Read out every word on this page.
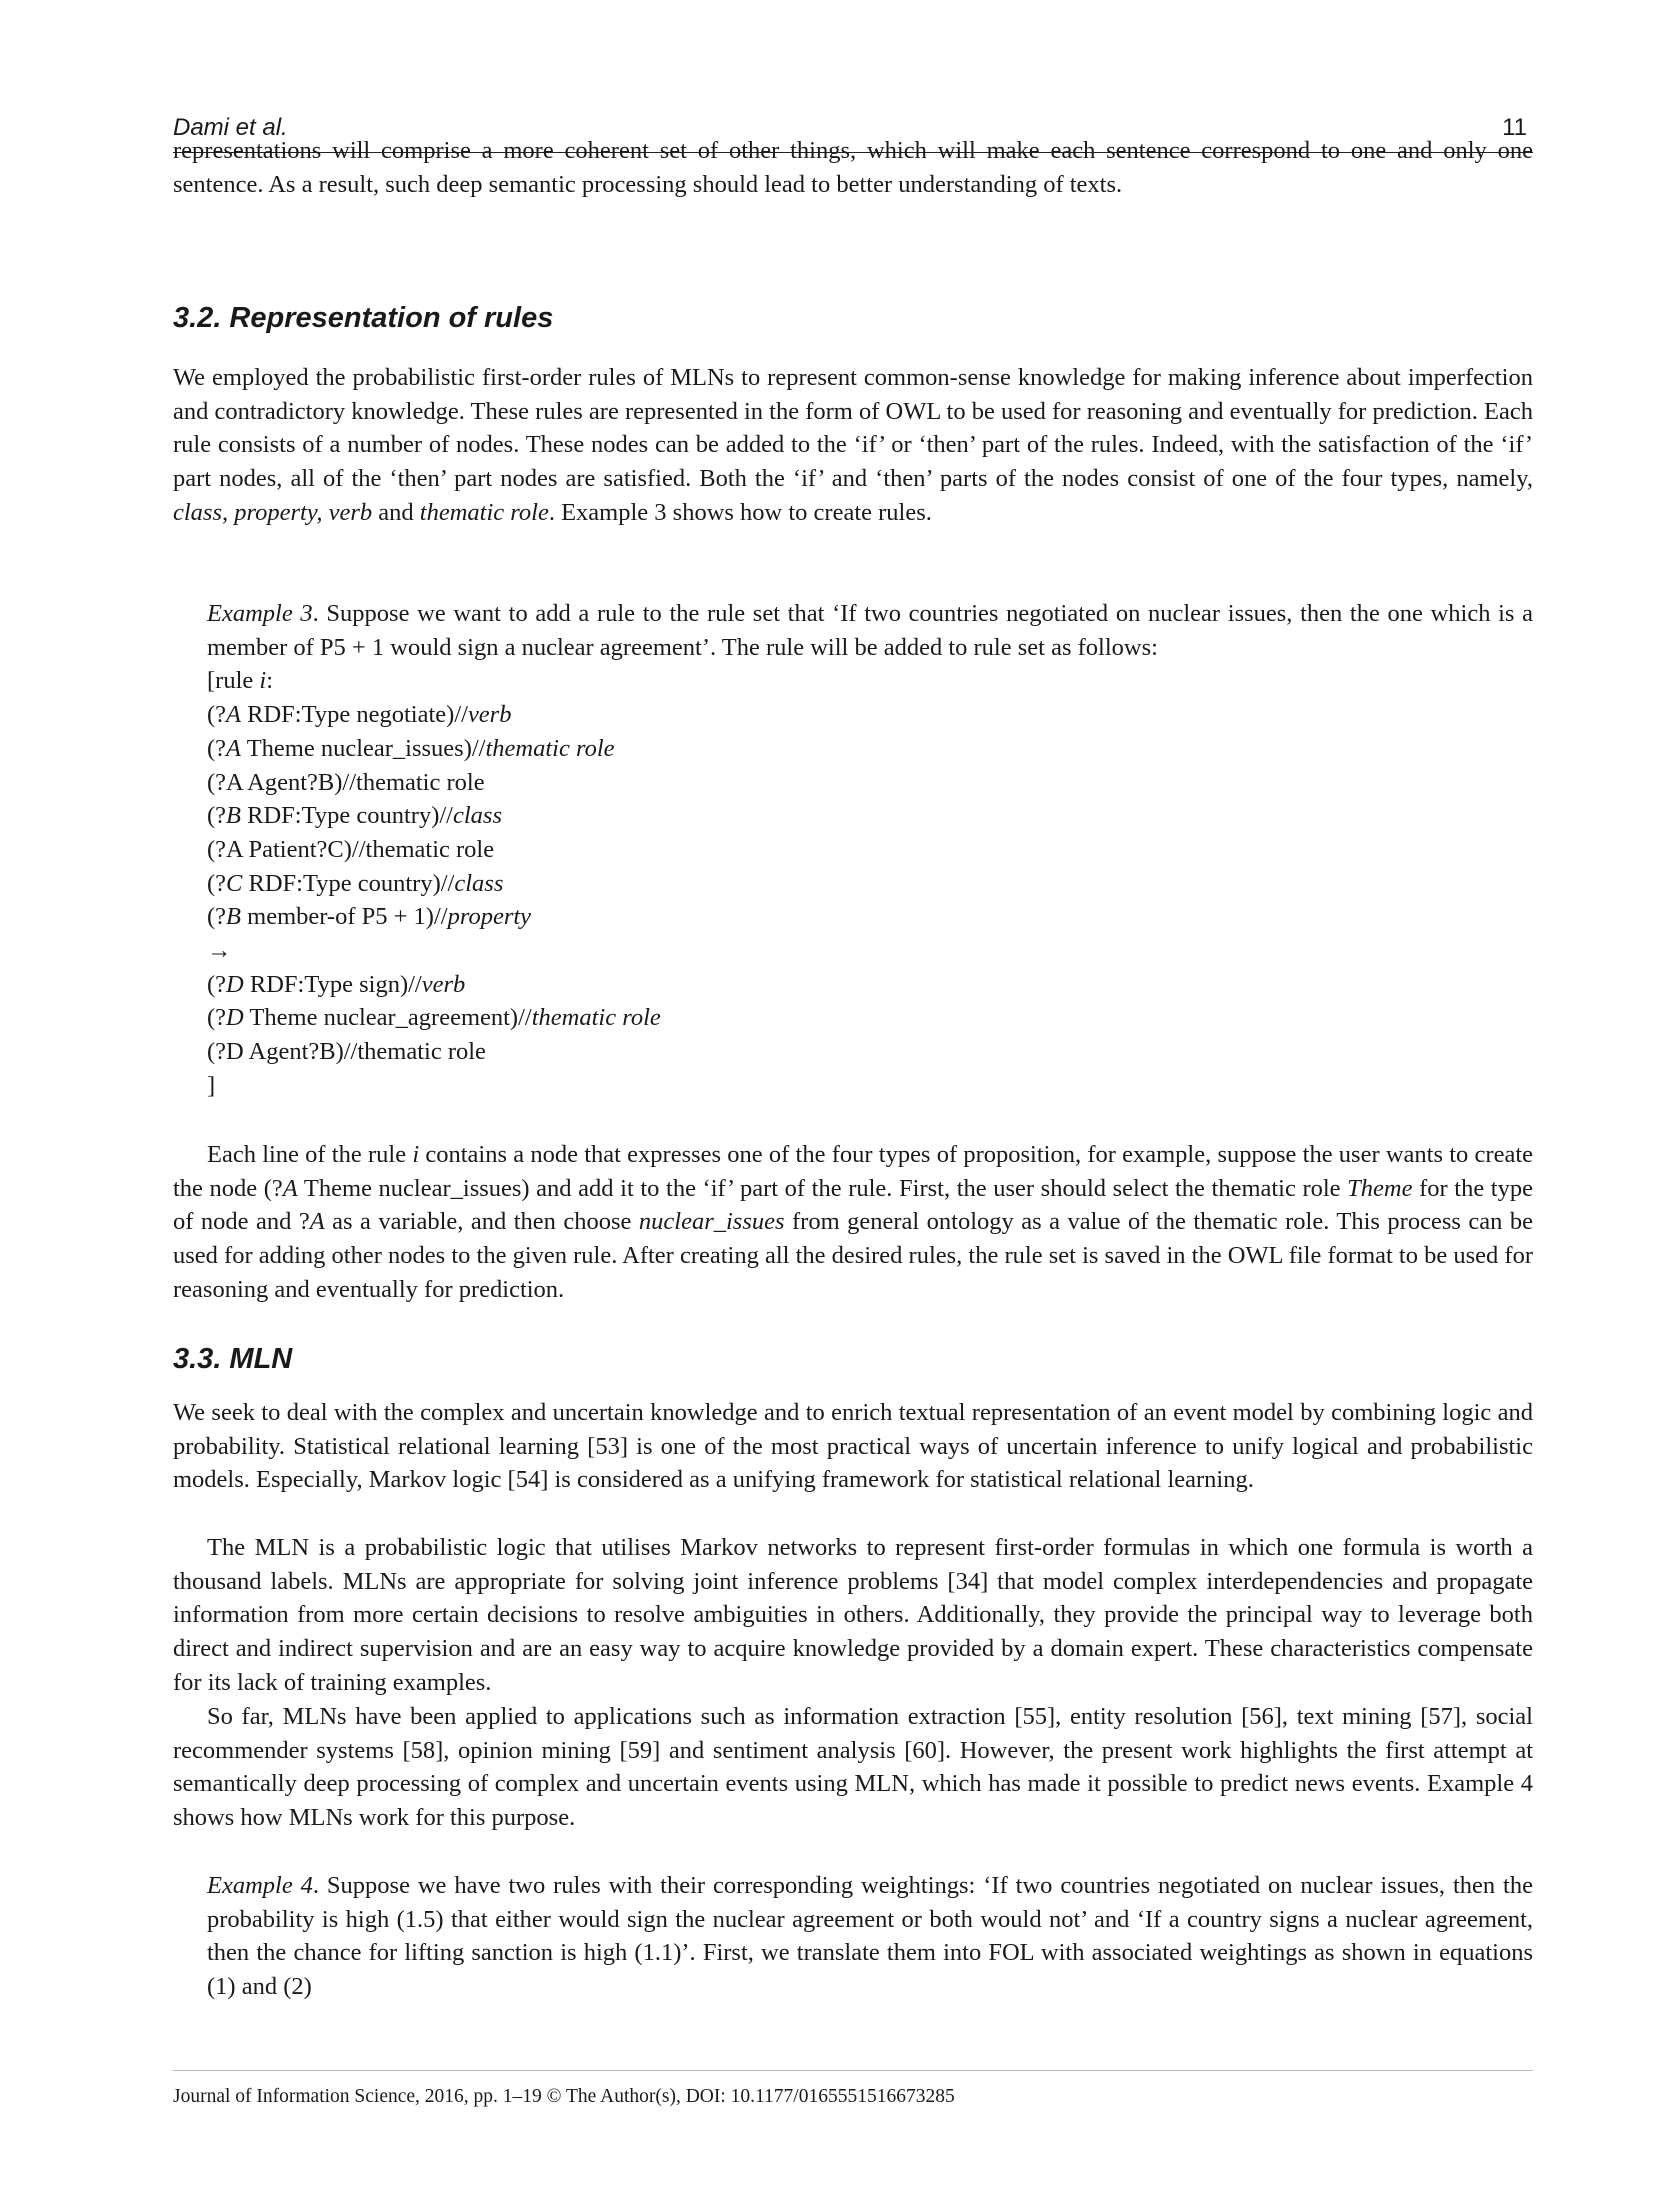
Dami et al.	11

representations will comprise a more coherent set of other things, which will make each sentence correspond to one and only one sentence. As a result, such deep semantic processing should lead to better understanding of texts.

3.2. Representation of rules

We employed the probabilistic first-order rules of MLNs to represent common-sense knowledge for making inference about imperfection and contradictory knowledge. These rules are represented in the form of OWL to be used for reasoning and eventually for prediction. Each rule consists of a number of nodes. These nodes can be added to the ‘if’ or ‘then’ part of the rules. Indeed, with the satisfaction of the ‘if’ part nodes, all of the ‘then’ part nodes are satisfied. Both the ‘if’ and ‘then’ parts of the nodes consist of one of the four types, namely, class, property, verb and thematic role. Example 3 shows how to create rules.

Example 3. Suppose we want to add a rule to the rule set that ‘If two countries negotiated on nuclear issues, then the one which is a member of P5 + 1 would sign a nuclear agreement’. The rule will be added to rule set as follows:

[rule i:
(?A RDF:Type negotiate)//verb
(?A Theme nuclear_issues)//thematic role
(?A Agent?B)//thematic role
(?B RDF:Type country)//class
(?A Patient?C)//thematic role
(?C RDF:Type country)//class
(?B member-of P5 + 1)//property
→
(?D RDF:Type sign)//verb
(?D Theme nuclear_agreement)//thematic role
(?D Agent?B)//thematic role
]

Each line of the rule i contains a node that expresses one of the four types of proposition, for example, suppose the user wants to create the node (?A Theme nuclear_issues) and add it to the ‘if’ part of the rule. First, the user should select the thematic role Theme for the type of node and ?A as a variable, and then choose nuclear_issues from general ontology as a value of the thematic role. This process can be used for adding other nodes to the given rule. After creating all the desired rules, the rule set is saved in the OWL file format to be used for reasoning and eventually for prediction.

3.3. MLN

We seek to deal with the complex and uncertain knowledge and to enrich textual representation of an event model by combining logic and probability. Statistical relational learning [53] is one of the most practical ways of uncertain inference to unify logical and probabilistic models. Especially, Markov logic [54] is considered as a unifying framework for statistical relational learning.

The MLN is a probabilistic logic that utilises Markov networks to represent first-order formulas in which one formula is worth a thousand labels. MLNs are appropriate for solving joint inference problems [34] that model complex interdependencies and propagate information from more certain decisions to resolve ambiguities in others. Additionally, they provide the principal way to leverage both direct and indirect supervision and are an easy way to acquire knowledge provided by a domain expert. These characteristics compensate for its lack of training examples.

So far, MLNs have been applied to applications such as information extraction [55], entity resolution [56], text mining [57], social recommender systems [58], opinion mining [59] and sentiment analysis [60]. However, the present work highlights the first attempt at semantically deep processing of complex and uncertain events using MLN, which has made it possible to predict news events. Example 4 shows how MLNs work for this purpose.

Example 4. Suppose we have two rules with their corresponding weightings: ‘If two countries negotiated on nuclear issues, then the probability is high (1.5) that either would sign the nuclear agreement or both would not’ and ‘If a country signs a nuclear agreement, then the chance for lifting sanction is high (1.1)’. First, we translate them into FOL with associated weightings as shown in equations (1) and (2)

Journal of Information Science, 2016, pp. 1–19 © The Author(s), DOI: 10.1177/0165551516673285
